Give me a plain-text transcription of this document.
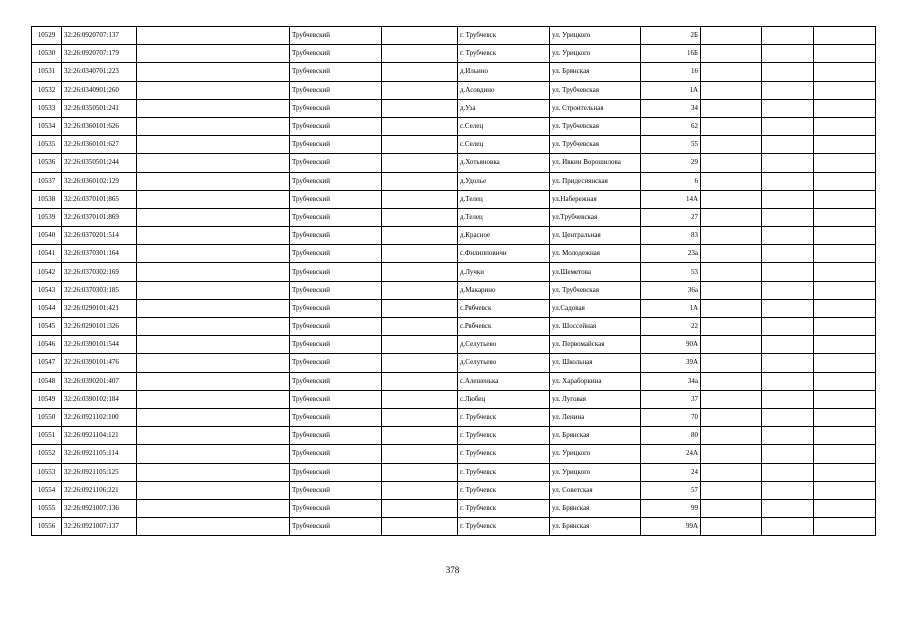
10529	32:26:0920707:137		Трубчевский		г. Трубчевск	ул. Урицкого	2Б			
10530	32:26:0920707:179		Трубчевский		г. Трубчевск	ул. Урицкого	16Б			
10531	32:26:0340701:223		Трубчевский		д.Ильино	ул. Брянская	16			
10532	32:26:0340901:260		Трубчевский		д.Асовдино	ул. Трубчевская	1А			
10533	32:26:0350501:241		Трубчевский		д.Уза	ул. Строительная	34			
10534	32:26:0360101:626		Трубчевский		с.Селец	ул. Трубчевская	62			
10535	32:26:0360101:627		Трубчевский		с.Селец	ул. Трубчевская	55			
10536	32:26:0350501:244		Трубчевский		д.Хотьяновка	ул. Ивкин Ворошилова	29			
10537	32:26:0360102:129		Трубчевский		д.Удолье	ул. Придеснянская	6			
10538	32:26:0370101:865		Трубчевский		д.Телец	ул.Набережная	14А			
10539	32:26:0370101:869		Трубчевский		д.Телец	ул.Трубчевская	27			
10540	32:26:0370201:514		Трубчевский		д.Красное	ул. Центральная	83			
10541	32:26:0370301:164		Трубчевский		с.Филипповичи	ул. Молодежная	23а			
10542	32:26:0370302:169		Трубчевский		д.Лучки	ул.Шеметова	53			
10543	32:26:0370303:185		Трубчевский		д.Макарино	ул. Трубчевская	36а			
10544	32:26:0290101:421		Трубчевский		с.Рябчевск	ул.Садовая	1А			
10545	32:26:0290101:326		Трубчевский		с.Рябчевск	ул. Шоссейная	22			
10546	32:26:0390101:544		Трубчевский		д.Селутьево	ул. Первомайская	90А			
10547	32:26:0390101:476		Трубчевский		д.Селутьево	ул. Школьная	39А			
10548	32:26:0390201:407		Трубчевский		с.Алешенька	ул. Хараборкина	34а			
10549	32:26:0390102:184		Трубчевский		с.Любец	ул. Луговая	37			
10550	32:26:0921102:100		Трубчевский		г. Трубчевск	ул. Ленина	70			
10551	32:26:0921104:121		Трубчевский		г. Трубчевск	ул. Брянская	80			
10552	32:26:0921105:114		Трубчевский		г. Трубчевск	ул. Урицкого	24А			
10553	32:26:0921105:125		Трубчевский		г. Трубчевск	ул. Урицкого	24			
10554	32:26:0921106:221		Трубчевский		г. Трубчевск	ул. Советская	57			
10555	32:26:0921007:136		Трубчевский		г. Трубчевск	ул. Брянская	99			
10556	32:26:0921007:137		Трубчевский		г. Трубчевск	ул. Брянская	99А			
378
